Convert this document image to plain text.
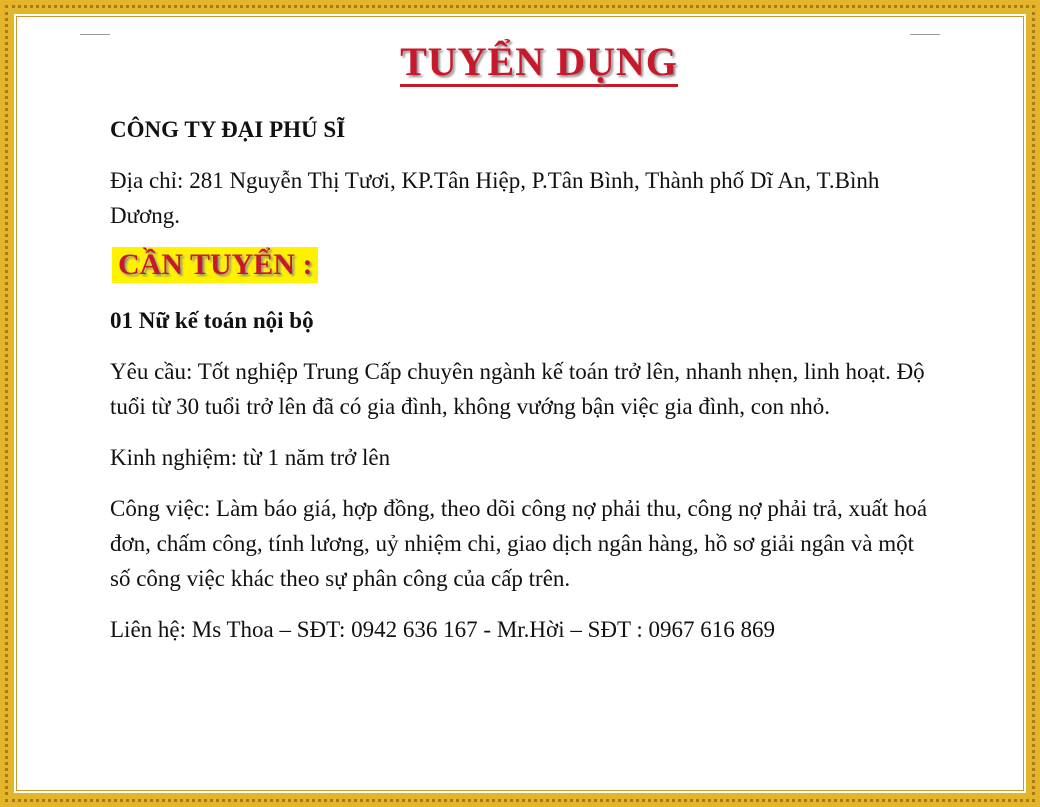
TUYỂN DỤNG
CÔNG TY ĐẠI PHÚ SĨ
Địa chỉ: 281 Nguyễn Thị Tươi, KP.Tân Hiệp, P.Tân Bình, Thành phố Dĩ An, T.Bình Dương.
CẦN TUYỂN :
01 Nữ kế toán nội bộ
Yêu cầu: Tốt nghiệp Trung Cấp chuyên ngành kế toán trở lên, nhanh nhẹn, linh hoạt. Độ tuổi từ 30 tuổi trở lên đã có gia đình, không vướng bận việc gia đình, con nhỏ.
Kinh nghiệm: từ 1 năm trở lên
Công việc: Làm báo giá, hợp đồng, theo dõi công nợ phải thu, công nợ phải trả, xuất hoá đơn, chấm công, tính lương, uỷ nhiệm chi, giao dịch ngân hàng, hồ sơ giải ngân và một số công việc khác theo sự phân công của cấp trên.
Liên hệ: Ms Thoa – SĐT: 0942 636 167 - Mr.Hời – SĐT : 0967 616 869
